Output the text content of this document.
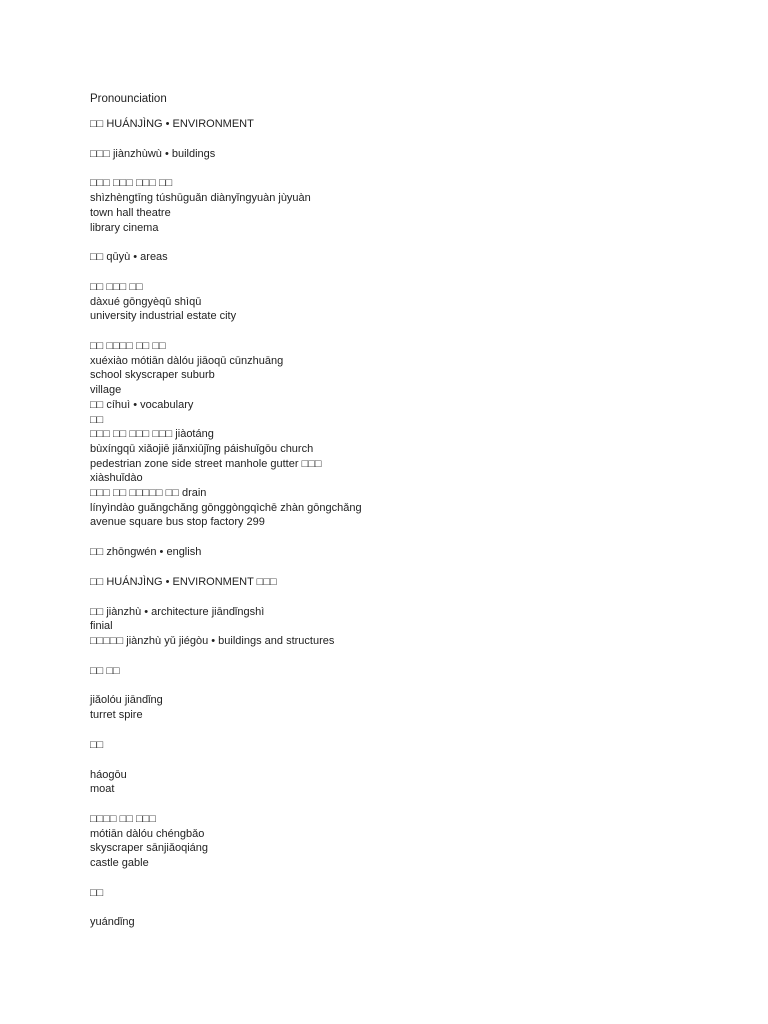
Pronounciation
□□ HUÁNJÌNG • ENVIRONMENT
□□□ jiànzhùwù • buildings
□□□ □□□ □□□ □□
shìzhèngtīng túshūguǎn diànyǐngyuàn jùyuàn
town hall theatre
library cinema
□□ qūyù • areas
□□ □□□ □□
dàxué gōngyèqū shìqū
university industrial estate city
□□ □□□□ □□ □□
xuéxiào mótiān dàlóu jiāoqū cūnzhuāng
school skyscraper suburb
village
□□ cíhuì • vocabulary
□□
□□□ □□ □□□ □□□ jiàotáng
bùxíngqū xiǎojiē jiǎnxiūjǐng páishuǐgōu church
pedestrian zone side street manhole gutter □□□
xiàshuǐdào
□□□ □□ □□□□□ □□ drain
línyìndào guǎngchǎng gōnggòngqìchē zhàn gōngchǎng
avenue square bus stop factory 299
□□ zhōngwén • english
□□ HUÁNJÌNG • ENVIRONMENT □□□
□□ jiànzhù • architecture jiāndǐngshì
finial
□□□□□ jiànzhù yǔ jiégòu • buildings and structures
□□ □□
jiǎolóu jiāndǐng
turret spire
□□
háogōu
moat
□□□□ □□ □□□
mótiān dàlóu chéngbǎo
skyscraper sānjiǎoqiáng
castle gable
□□
yuándǐng
